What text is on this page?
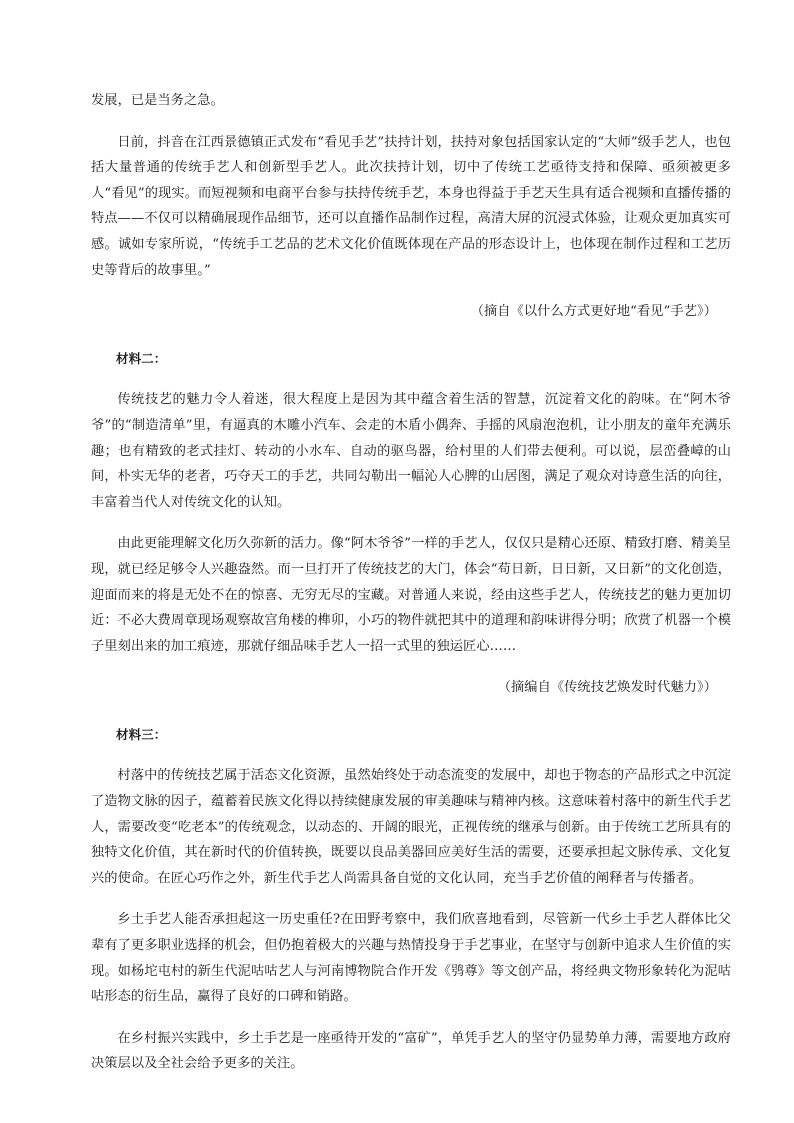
发展，已是当务之急。

日前，抖音在江西景德镇正式发布“看见手艺”扶持计划，扶持对象包括国家认定的“大师”级手艺人，也包括大量普通的传统手艺人和创新型手艺人。此次扶持计划，切中了传统工艺亟待支持和保障、亟须被更多人“看见”的现实。而短视频和电商平台参与扶持传统手艺，本身也得益于手艺天生具有适合视频和直播传播的特点——不仅可以精确展现作品细节，还可以直播作品制作过程，高清大屏的沉浸式体验，让观众更加真实可感。诚如专家所说，“传统手工艺品的艺术文化价值既体现在产品的形态设计上，也体现在制作过程和工艺历史等背后的故事里。”

（摘自《以什么方式更好地“看见”手艺》）

材料二：

传统技艺的魅力令人着迷，很大程度上是因为其中蕴含着生活的智慧，沉淀着文化的韵味。在“阿木爷爷”的“制造清单”里，有逼真的木雕小汽车、会走的木盾小偶奔、手摇的风扇泡泡机，让小朋友的童年充满乐趣；也有精致的老式挂灯、转动的小水车、自动的驱鸟器，给村里的人们带去便利。可以说，层峦叠嶂的山间，朴实无华的老者，巧夺天工的手艺，共同勾勒出一幅沁人心脾的山居图，满足了观众对诗意生活的向往，丰富着当代人对传统文化的认知。

由此更能理解文化历久弥新的活力。像“阿木爷爷”一样的手艺人，仅仅只是精心还原、精致打磨、精美呈现，就已经足够令人兴趣盎然。而一旦打开了传统技艺的大门，体会“苟日新，日日新，又日新”的文化创造，迎面而来的将是无处不在的惊喜、无穷无尽的宝藏。对普通人来说，经由这些手艺人，传统技艺的魅力更加切近：不必大费周章现场观察故宫角楼的榫卯，小巧的物件就把其中的道理和韵味讲得分明；欣赏了机器一个模子里刻出来的加工痕迹，那就仔细品味手艺人一招一式里的独运匠心……

（摘编自《传统技艺焕发时代魅力》）

材料三：

村落中的传统技艺属于活态文化资源，虽然始终处于动态流变的发展中，却也于物态的产品形式之中沉淀了造物文脉的因子，蕴蓄着民族文化得以持续健康发展的审美趣味与精神内核。这意味着村落中的新生代手艺人，需要改变“吃老本”的传统观念，以动态的、开阔的眼光，正视传统的继承与创新。由于传统工艺所具有的独特文化价值，其在新时代的价值转换，既要以良品美器回应美好生活的需要，还要承担起文脉传承、文化复兴的使命。在匠心巧作之外，新生代手艺人尚需具备自觉的文化认同，充当手艺价值的阐释者与传播者。

乡土手艺人能否承担起这一历史重任?在田野考察中，我们欣喜地看到，尽管新一代乡土手艺人群体比父辈有了更多职业选择的机会，但仍抱着极大的兴趣与热情投身于手艺事业，在坚守与创新中追求人生价值的实现。如杨坨屯村的新生代泥咕咕艺人与河南博物院合作开发《鸮尊》等文创产品，将经典文物形象转化为泥咕咕形态的衍生品，赢得了良好的口碑和销路。

在乡村振兴实践中，乡土手艺是一座亟待开发的“富矿”，单凭手艺人的坚守仍显势单力薄，需要地方政府决策层以及全社会给予更多的关注。
